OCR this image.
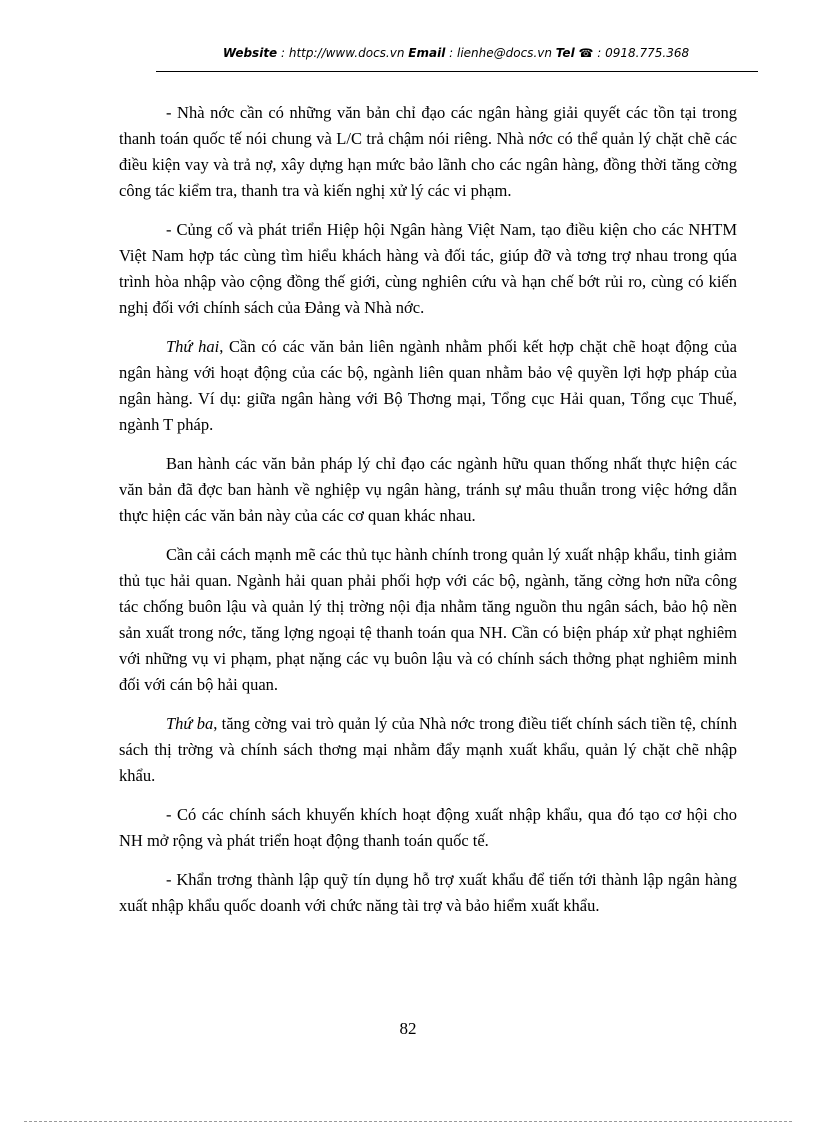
Website : http://www.docs.vn Email : lienhe@docs.vn Tel ☎ : 0918.775.368

- Nhà nớc cần có những văn bản chỉ đạo các ngân hàng giải quyết các tồn tại trong thanh toán quốc tế nói chung và L/C trả chậm nói riêng. Nhà nớc có thể quản lý chặt chẽ các điều kiện vay và trả nợ, xây dựng hạn mức bảo lãnh cho các ngân hàng, đồng thời tăng cờng công tác kiểm tra, thanh tra và kiến nghị xử lý các vi phạm.

- Củng cố và phát triển Hiệp hội Ngân hàng Việt Nam, tạo điều kiện cho các NHTM Việt Nam hợp tác cùng tìm hiểu khách hàng và đối tác, giúp đỡ và tơng trợ nhau trong qúa trình hòa nhập vào cộng đồng thế giới, cùng nghiên cứu và hạn chế bớt rủi ro, cùng có kiến nghị đối với chính sách của Đảng và Nhà nớc.

Thứ hai, Cần có các văn bản liên ngành nhằm phối kết hợp chặt chẽ hoạt động của ngân hàng với hoạt động của các bộ, ngành liên quan nhằm bảo vệ quyền lợi hợp pháp của ngân hàng. Ví dụ: giữa ngân hàng với Bộ Thơng mại, Tổng cục Hải quan, Tổng cục Thuế, ngành T pháp.

Ban hành các văn bản pháp lý chỉ đạo các ngành hữu quan thống nhất thực hiện các văn bản đã đợc ban hành về nghiệp vụ ngân hàng, tránh sự mâu thuẫn trong việc hớng dẫn thực hiện các văn bản này của các cơ quan khác nhau.

Cần cải cách mạnh mẽ các thủ tục hành chính trong quản lý xuất nhập khẩu, tinh giảm thủ tục hải quan. Ngành hải quan phải phối hợp với các bộ, ngành, tăng cờng hơn nữa công tác chống buôn lậu và quản lý thị trờng nội địa nhằm tăng nguồn thu ngân sách, bảo hộ nền sản xuất trong nớc, tăng lợng ngoại tệ thanh toán qua NH. Cần có biện pháp xử phạt nghiêm với những vụ vi phạm, phạt nặng các vụ buôn lậu và có chính sách thởng phạt nghiêm minh đối với cán bộ hải quan.

Thứ ba, tăng cờng vai trò quản lý của Nhà nớc trong điều tiết chính sách tiền tệ, chính sách thị trờng và chính sách thơng mại nhằm đẩy mạnh xuất khẩu, quản lý chặt chẽ nhập khẩu.

- Có các chính sách khuyến khích hoạt động xuất nhập khẩu, qua đó tạo cơ hội cho NH mở rộng và phát triển hoạt động thanh toán quốc tế.

- Khẩn trơng thành lập quỹ tín dụng hỗ trợ xuất khẩu để tiến tới thành lập ngân hàng xuất nhập khẩu quốc doanh với chức năng tài trợ và bảo hiểm xuất khẩu.

82
